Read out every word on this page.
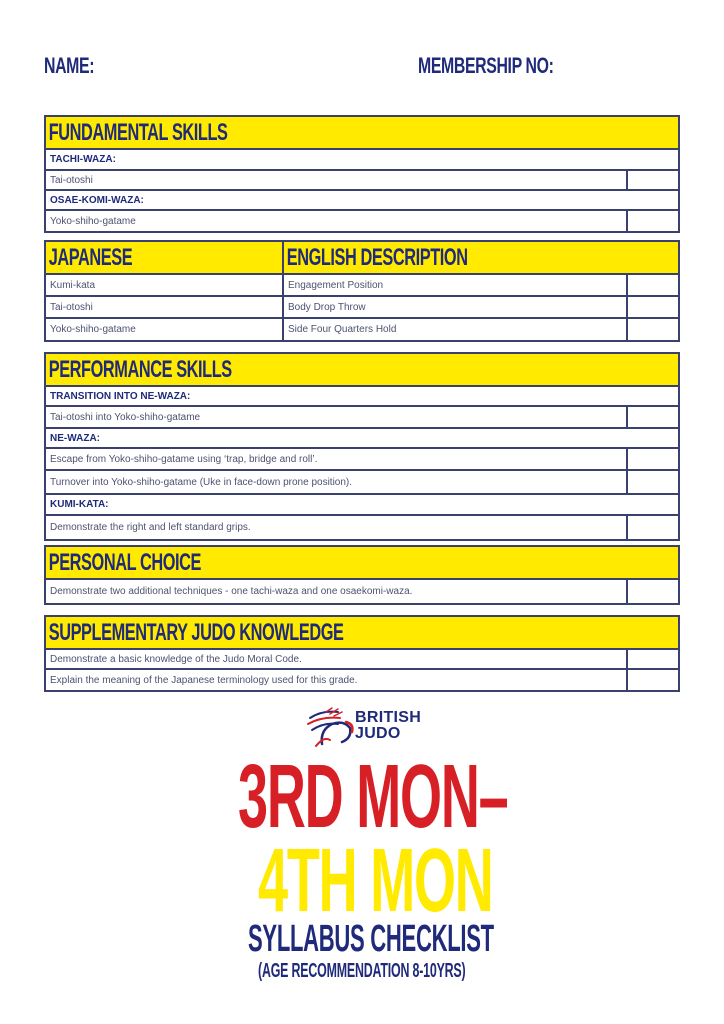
NAME:	MEMBERSHIP NO:
FUNDAMENTAL SKILLS
TACHI-WAZA:
Tai-otoshi
OSAE-KOMI-WAZA:
Yoko-shiho-gatame
JAPANESE	ENGLISH DESCRIPTION
Kumi-kata	Engagement Position
Tai-otoshi	Body Drop Throw
Yoko-shiho-gatame	Side Four Quarters Hold
PERFORMANCE SKILLS
TRANSITION INTO NE-WAZA:
Tai-otoshi into Yoko-shiho-gatame
NE-WAZA:
Escape from Yoko-shiho-gatame using ‘trap, bridge and roll’.
Turnover into Yoko-shiho-gatame (Uke in face-down prone position).
KUMI-KATA:
Demonstrate the right and left standard grips.
PERSONAL CHOICE
Demonstrate two additional techniques - one tachi-waza and one osaekomi-waza.
SUPPLEMENTARY JUDO KNOWLEDGE
Demonstrate a basic knowledge of the Judo Moral Code.
Explain the meaning of the Japanese terminology used for this grade.
BRITISH
JUDO
3RD MON–
4TH MON
SYLLABUS CHECKLIST
(AGE RECOMMENDATION 8-10YRS)
